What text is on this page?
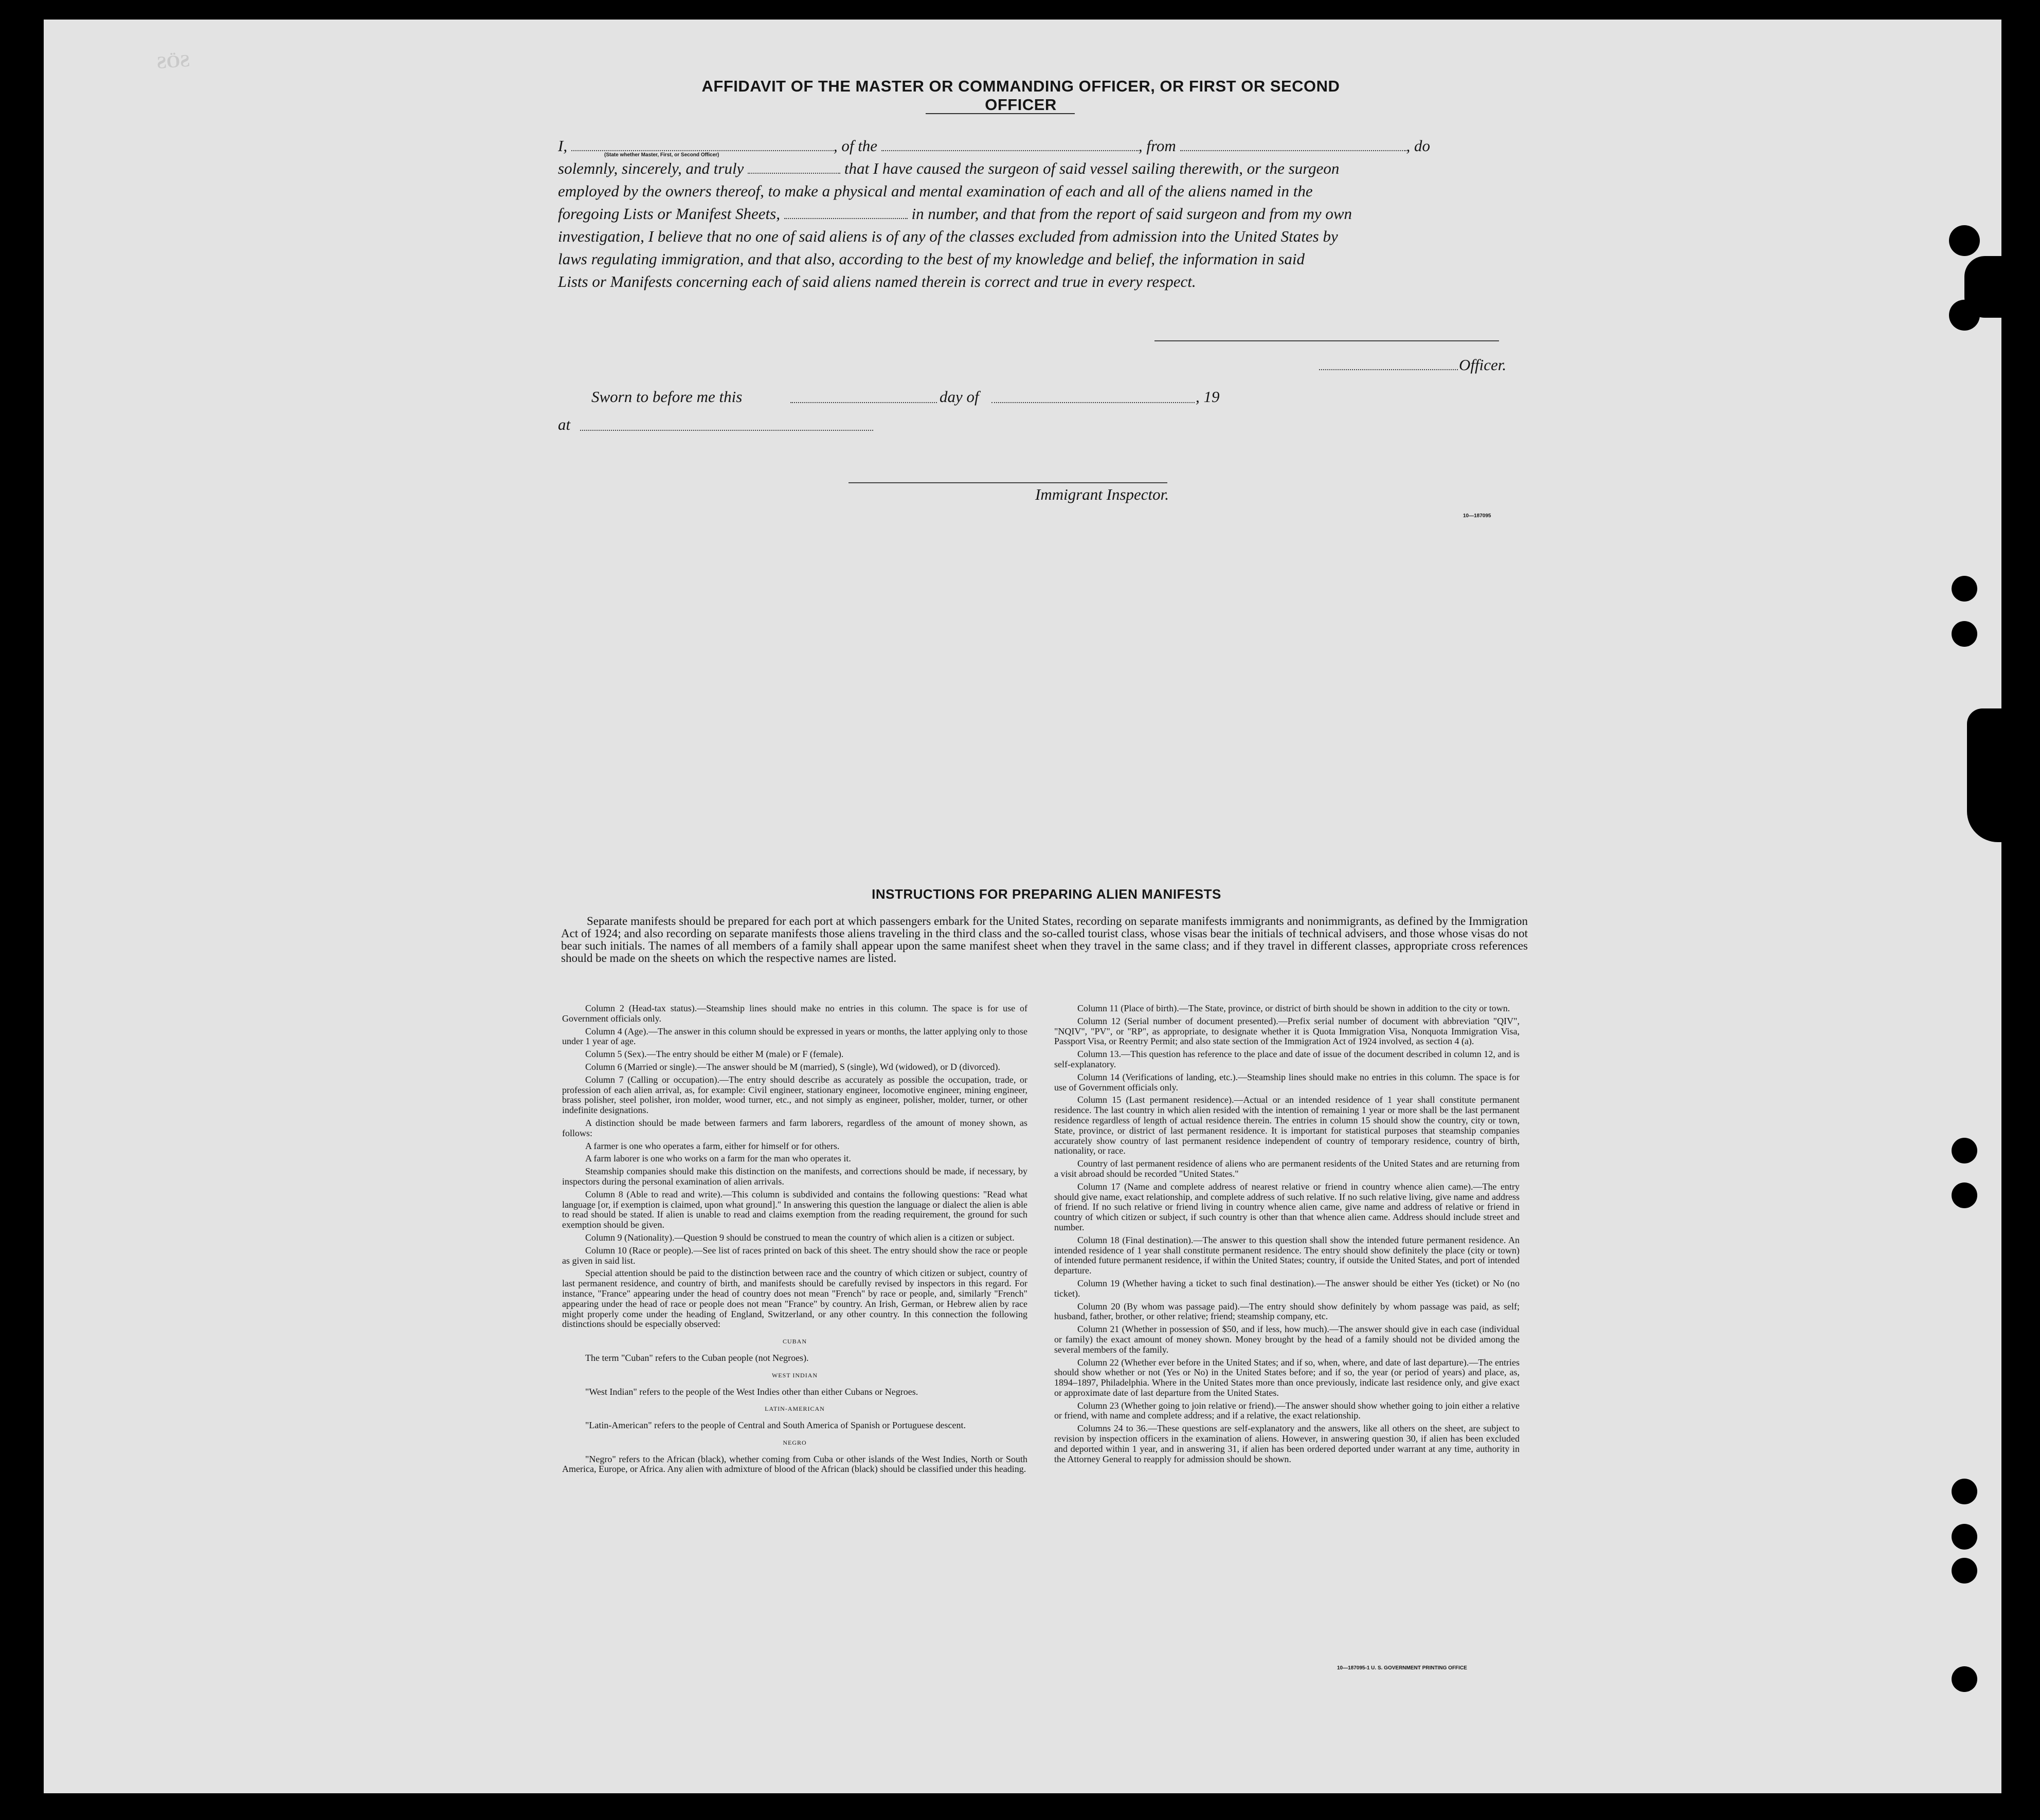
ƧÖƧ
AFFIDAVIT OF THE MASTER OR COMMANDING OFFICER, OR FIRST OR SECOND OFFICER

I,	, of the	, from	, do

solemnly, sincerely, and truly	that I have caused the surgeon of said vessel sailing therewith, or the surgeon

employed by the owners thereof, to make a physical and mental examination of each and all of the aliens named in the

foregoing Lists or Manifest Sheets,	in number, and that from the report of said surgeon and from my own

investigation, I believe that no one of said aliens is of any of the classes excluded from admission into the United States by

laws regulating immigration, and that also, according to the best of my knowledge and belief, the information in said

Lists or Manifests concerning each of said aliens named therein is correct and true in every respect.

(State whether Master, First, or Second Officer)
Officer.
Sworn to before me this	day of	, 19
at
Immigrant Inspector.
10—187095
INSTRUCTIONS FOR PREPARING ALIEN MANIFESTS

Separate manifests should be prepared for each port at which passengers embark for the United States, recording on separate manifests immigrants and nonimmigrants, as defined by the Immigration Act of 1924; and also recording on separate manifests those aliens traveling in the third class and the so-called tourist class, whose visas bear the initials of technical advisers, and those whose visas do not bear such initials. The names of all members of a family shall appear upon the same manifest sheet when they travel in the same class; and if they travel in different classes, appropriate cross references should be made on the sheets on which the respective names are listed.

Column 2 (Head-tax status).—Steamship lines should make no entries in this column. The space is for use of Government officials only.

Column 4 (Age).—The answer in this column should be expressed in years or months, the latter applying only to those under 1 year of age.

Column 5 (Sex).—The entry should be either M (male) or F (female).

Column 6 (Married or single).—The answer should be M (married), S (single), Wd (widowed), or D (divorced).

Column 7 (Calling or occupation).—The entry should describe as accurately as possible the occupation, trade, or profession of each alien arrival, as, for example: Civil engineer, stationary engineer, locomotive engineer, mining engineer, brass polisher, steel polisher, iron molder, wood turner, etc., and not simply as engineer, polisher, molder, turner, or other indefinite designations.

A distinction should be made between farmers and farm laborers, regardless of the amount of money shown, as follows:

A farmer is one who operates a farm, either for himself or for others.

A farm laborer is one who works on a farm for the man who operates it.

Steamship companies should make this distinction on the manifests, and corrections should be made, if necessary, by inspectors during the personal examination of alien arrivals.

Column 8 (Able to read and write).—This column is subdivided and contains the following questions: "Read what language [or, if exemption is claimed, upon what ground]." In answering this question the language or dialect the alien is able to read should be stated. If alien is unable to read and claims exemption from the reading requirement, the ground for such exemption should be given.

Column 9 (Nationality).—Question 9 should be construed to mean the country of which alien is a citizen or subject.

Column 10 (Race or people).—See list of races printed on back of this sheet. The entry should show the race or people as given in said list.

Special attention should be paid to the distinction between race and the country of which citizen or subject, country of last permanent residence, and country of birth, and manifests should be carefully revised by inspectors in this regard. For instance, "France" appearing under the head of country does not mean "French" by race or people, and, similarly "French" appearing under the head of race or people does not mean "France" by country. An Irish, German, or Hebrew alien by race might properly come under the heading of England, Switzerland, or any other country. In this connection the following distinctions should be especially observed:

CUBAN

The term "Cuban" refers to the Cuban people (not Negroes).

WEST INDIAN

"West Indian" refers to the people of the West Indies other than either Cubans or Negroes.

LATIN-AMERICAN

"Latin-American" refers to the people of Central and South America of Spanish or Portuguese descent.

NEGRO

"Negro" refers to the African (black), whether coming from Cuba or other islands of the West Indies, North or South America, Europe, or Africa. Any alien with admixture of blood of the African (black) should be classified under this heading.

Column 11 (Place of birth).—The State, province, or district of birth should be shown in addition to the city or town.

Column 12 (Serial number of document presented).—Prefix serial number of document with abbreviation "QIV", "NQIV", "PV", or "RP", as appropriate, to designate whether it is Quota Immigration Visa, Nonquota Immigration Visa, Passport Visa, or Reentry Permit; and also state section of the Immigration Act of 1924 involved, as section 4 (a).

Column 13.—This question has reference to the place and date of issue of the document described in column 12, and is self-explanatory.

Column 14 (Verifications of landing, etc.).—Steamship lines should make no entries in this column. The space is for use of Government officials only.

Column 15 (Last permanent residence).—Actual or an intended residence of 1 year shall constitute permanent residence. The last country in which alien resided with the intention of remaining 1 year or more shall be the last permanent residence regardless of length of actual residence therein. The entries in column 15 should show the country, city or town, State, province, or district of last permanent residence. It is important for statistical purposes that steamship companies accurately show country of last permanent residence independent of country of temporary residence, country of birth, nationality, or race.

Country of last permanent residence of aliens who are permanent residents of the United States and are returning from a visit abroad should be recorded "United States."

Column 17 (Name and complete address of nearest relative or friend in country whence alien came).—The entry should give name, exact relationship, and complete address of such relative. If no such relative living, give name and address of friend. If no such relative or friend living in country whence alien came, give name and address of relative or friend in country of which citizen or subject, if such country is other than that whence alien came. Address should include street and number.

Column 18 (Final destination).—The answer to this question shall show the intended future permanent residence. An intended residence of 1 year shall constitute permanent residence. The entry should show definitely the place (city or town) of intended future permanent residence, if within the United States; country, if outside the United States, and port of intended departure.

Column 19 (Whether having a ticket to such final destination).—The answer should be either Yes (ticket) or No (no ticket).

Column 20 (By whom was passage paid).—The entry should show definitely by whom passage was paid, as self; husband, father, brother, or other relative; friend; steamship company, etc.

Column 21 (Whether in possession of $50, and if less, how much).—The answer should give in each case (individual or family) the exact amount of money shown. Money brought by the head of a family should not be divided among the several members of the family.

Column 22 (Whether ever before in the United States; and if so, when, where, and date of last departure).—The entries should show whether or not (Yes or No) in the United States before; and if so, the year (or period of years) and place, as, 1894–1897, Philadelphia. Where in the United States more than once previously, indicate last residence only, and give exact or approximate date of last departure from the United States.

Column 23 (Whether going to join relative or friend).—The answer should show whether going to join either a relative or friend, with name and complete address; and if a relative, the exact relationship.

Columns 24 to 36.—These questions are self-explanatory and the answers, like all others on the sheet, are subject to revision by inspection officers in the examination of aliens. However, in answering question 30, if alien has been excluded and deported within 1 year, and in answering 31, if alien has been ordered deported under warrant at any time, authority in the Attorney General to reapply for admission should be shown.

10—187095-1 U. S. GOVERNMENT PRINTING OFFICE
